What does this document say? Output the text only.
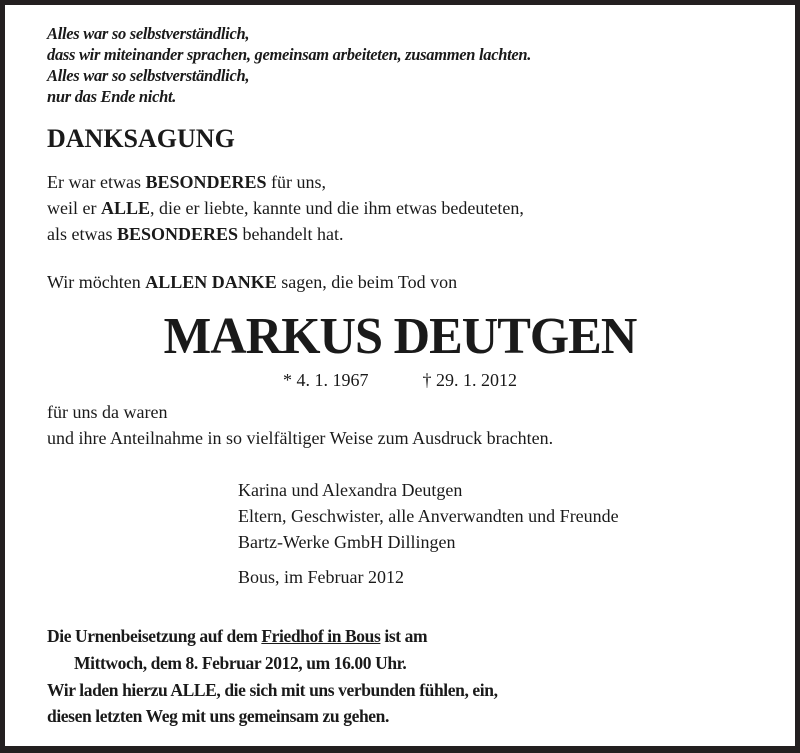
Alles war so selbstverständlich,
dass wir miteinander sprachen, gemeinsam arbeiteten, zusammen lachten.
Alles war so selbstverständlich,
nur das Ende nicht.
DANKSAGUNG
Er war etwas BESONDERES für uns,
weil er ALLE, die er liebte, kannte und die ihm etwas bedeuteten,
als etwas BESONDERES behandelt hat.
Wir möchten ALLEN DANKE sagen, die beim Tod von
MARKUS DEUTGEN
* 4. 1. 1967	† 29. 1. 2012
für uns da waren
und ihre Anteilnahme in so vielfältiger Weise zum Ausdruck brachten.
Karina und Alexandra Deutgen
Eltern, Geschwister, alle Anverwandten und Freunde
Bartz-Werke GmbH Dillingen
Bous, im Februar 2012
Die Urnenbeisetzung auf dem Friedhof in Bous ist am
Mittwoch, dem 8. Februar 2012, um 16.00 Uhr.
Wir laden hierzu ALLE, die sich mit uns verbunden fühlen, ein,
diesen letzten Weg mit uns gemeinsam zu gehen.
